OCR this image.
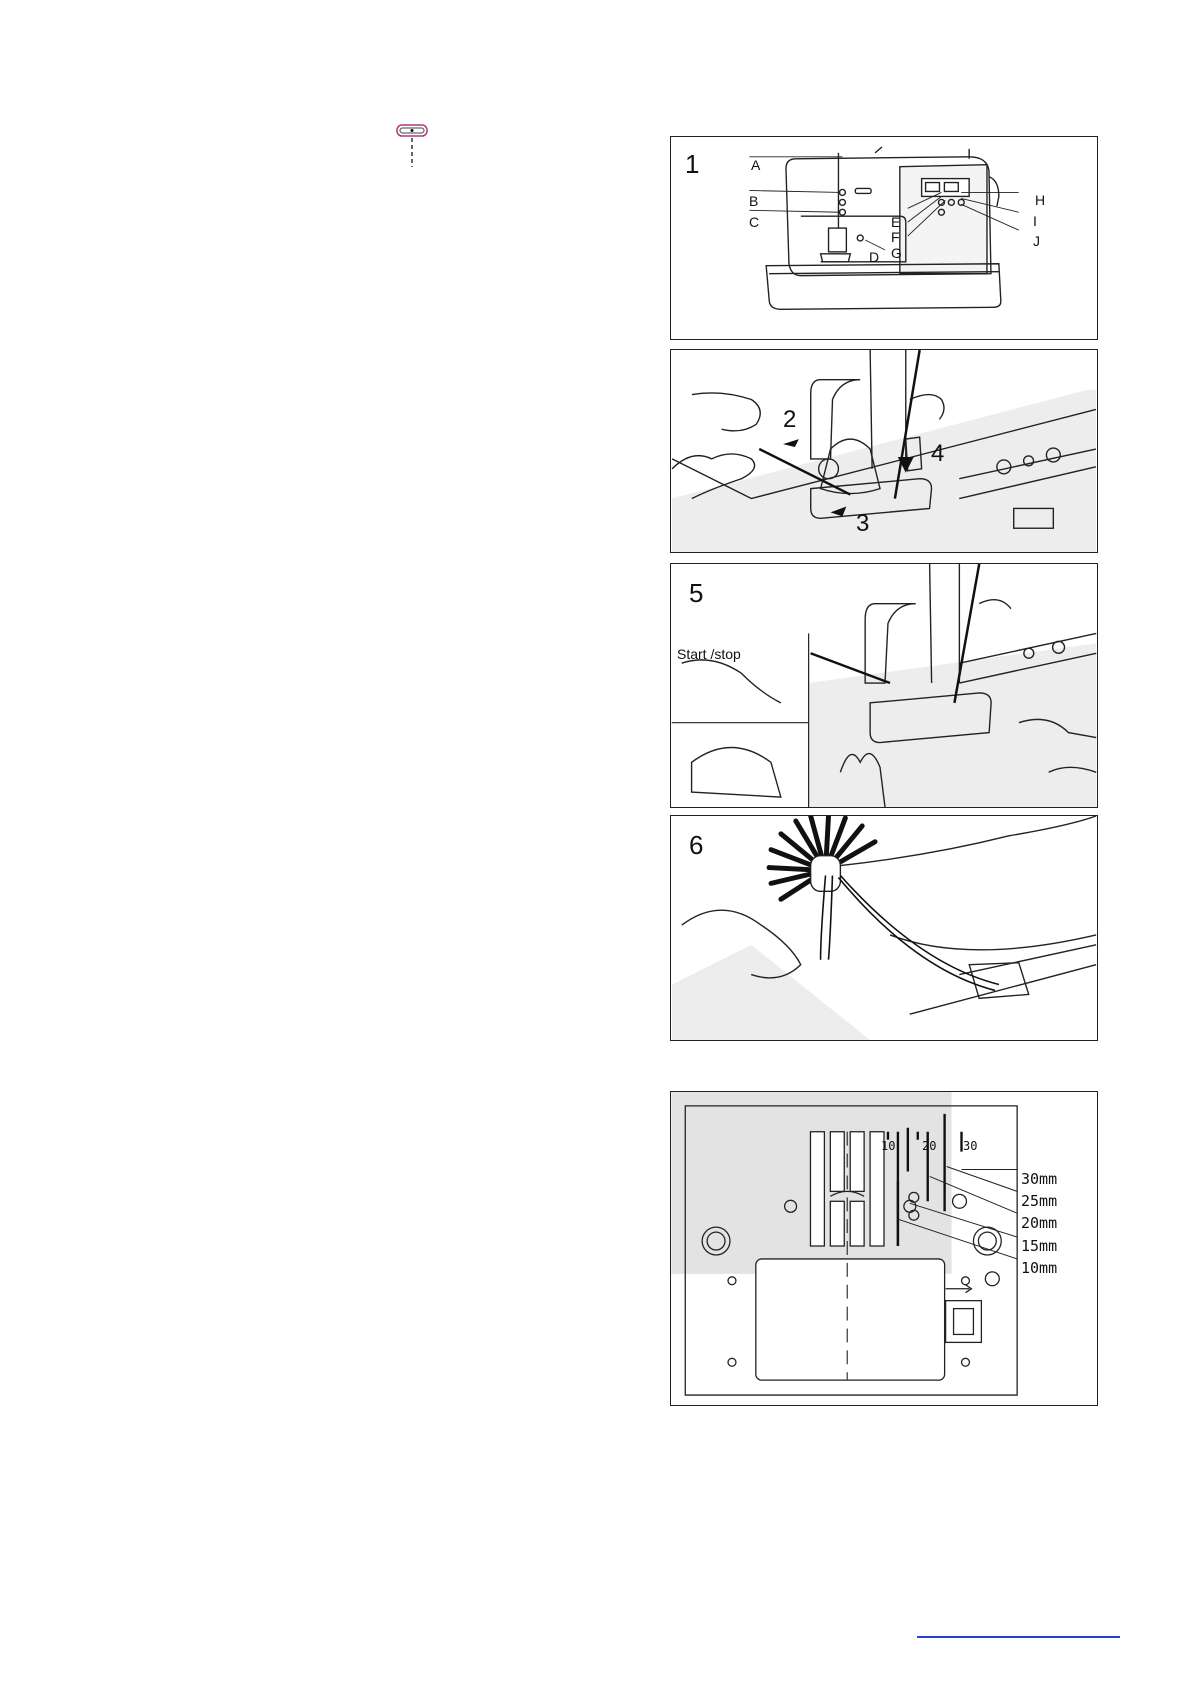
1	A
B
C
D
E
F
G
H
I
J
2
3
4
5
Start /stop
6
10 20 30
30mm
25mm
20mm
15mm
10mm
